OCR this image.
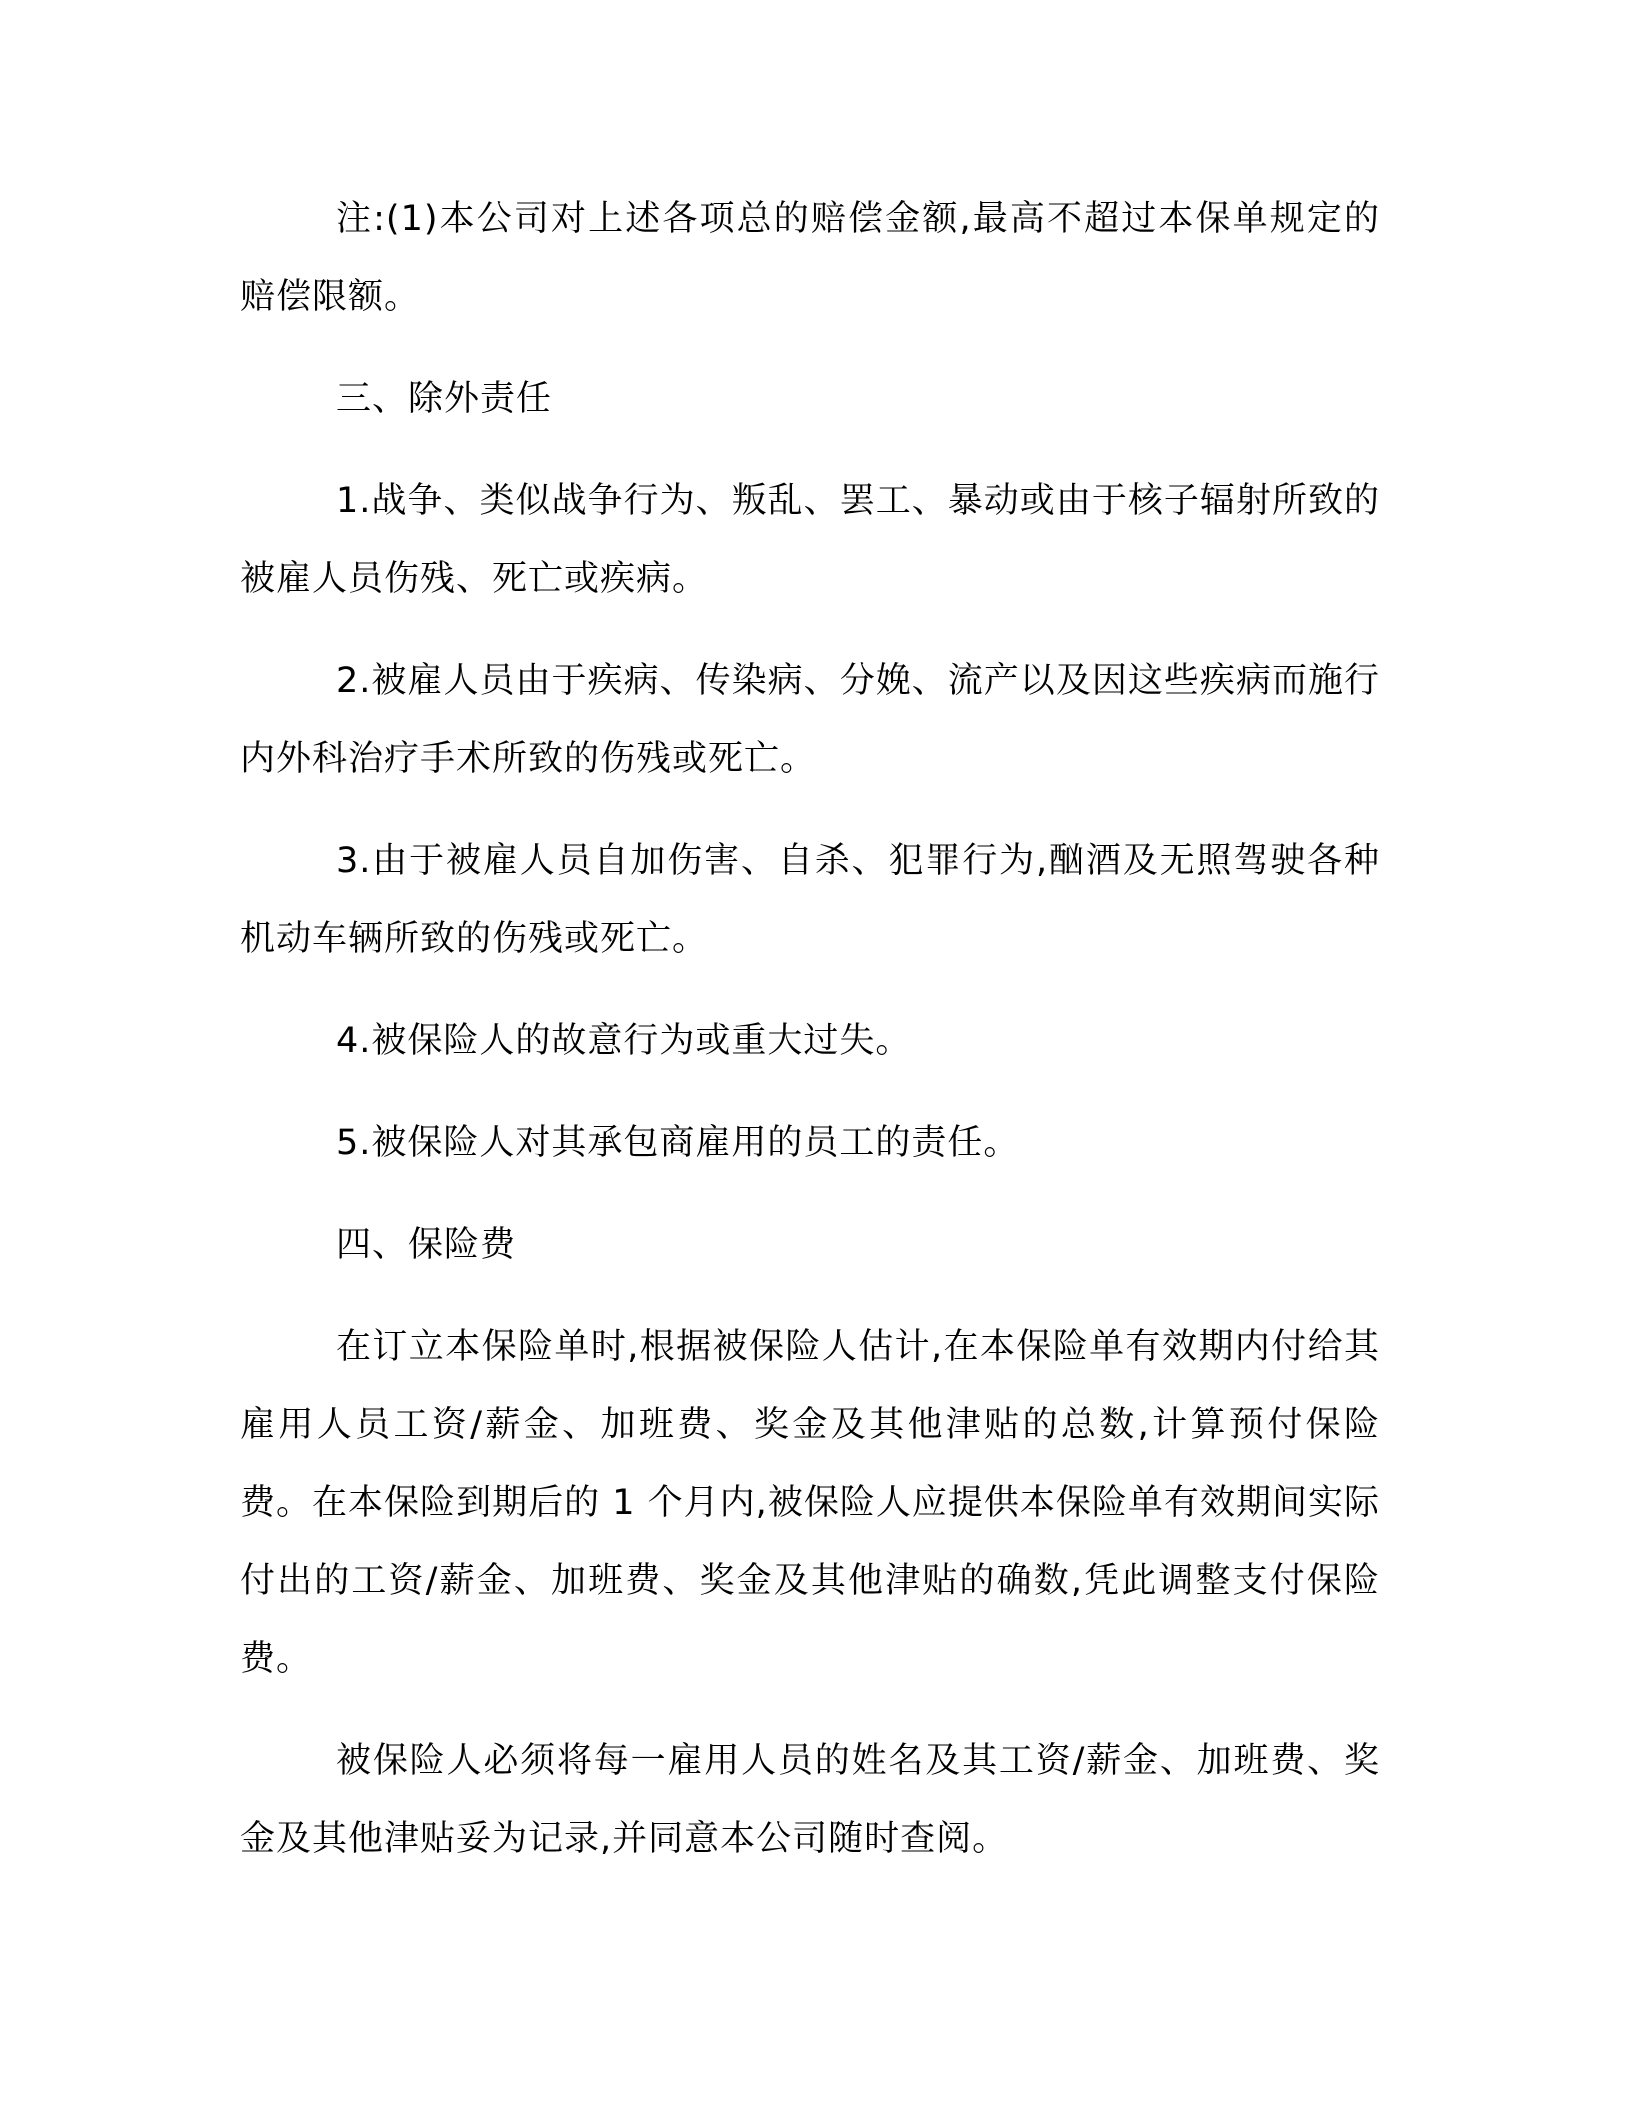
注:(1)本公司对上述各项总的赔偿金额,最高不超过本保单规定的赔偿限额。

三、除外责任

1.战争、类似战争行为、叛乱、罢工、暴动或由于核子辐射所致的被雇人员伤残、死亡或疾病。

2.被雇人员由于疾病、传染病、分娩、流产以及因这些疾病而施行内外科治疗手术所致的伤残或死亡。

3.由于被雇人员自加伤害、自杀、犯罪行为,酗酒及无照驾驶各种机动车辆所致的伤残或死亡。

4.被保险人的故意行为或重大过失。

5.被保险人对其承包商雇用的员工的责任。

四、保险费

在订立本保险单时,根据被保险人估计,在本保险单有效期内付给其雇用人员工资/薪金、加班费、奖金及其他津贴的总数,计算预付保险费。在本保险到期后的 1 个月内,被保险人应提供本保险单有效期间实际付出的工资/薪金、加班费、奖金及其他津贴的确数,凭此调整支付保险费。

被保险人必须将每一雇用人员的姓名及其工资/薪金、加班费、奖金及其他津贴妥为记录,并同意本公司随时查阅。
